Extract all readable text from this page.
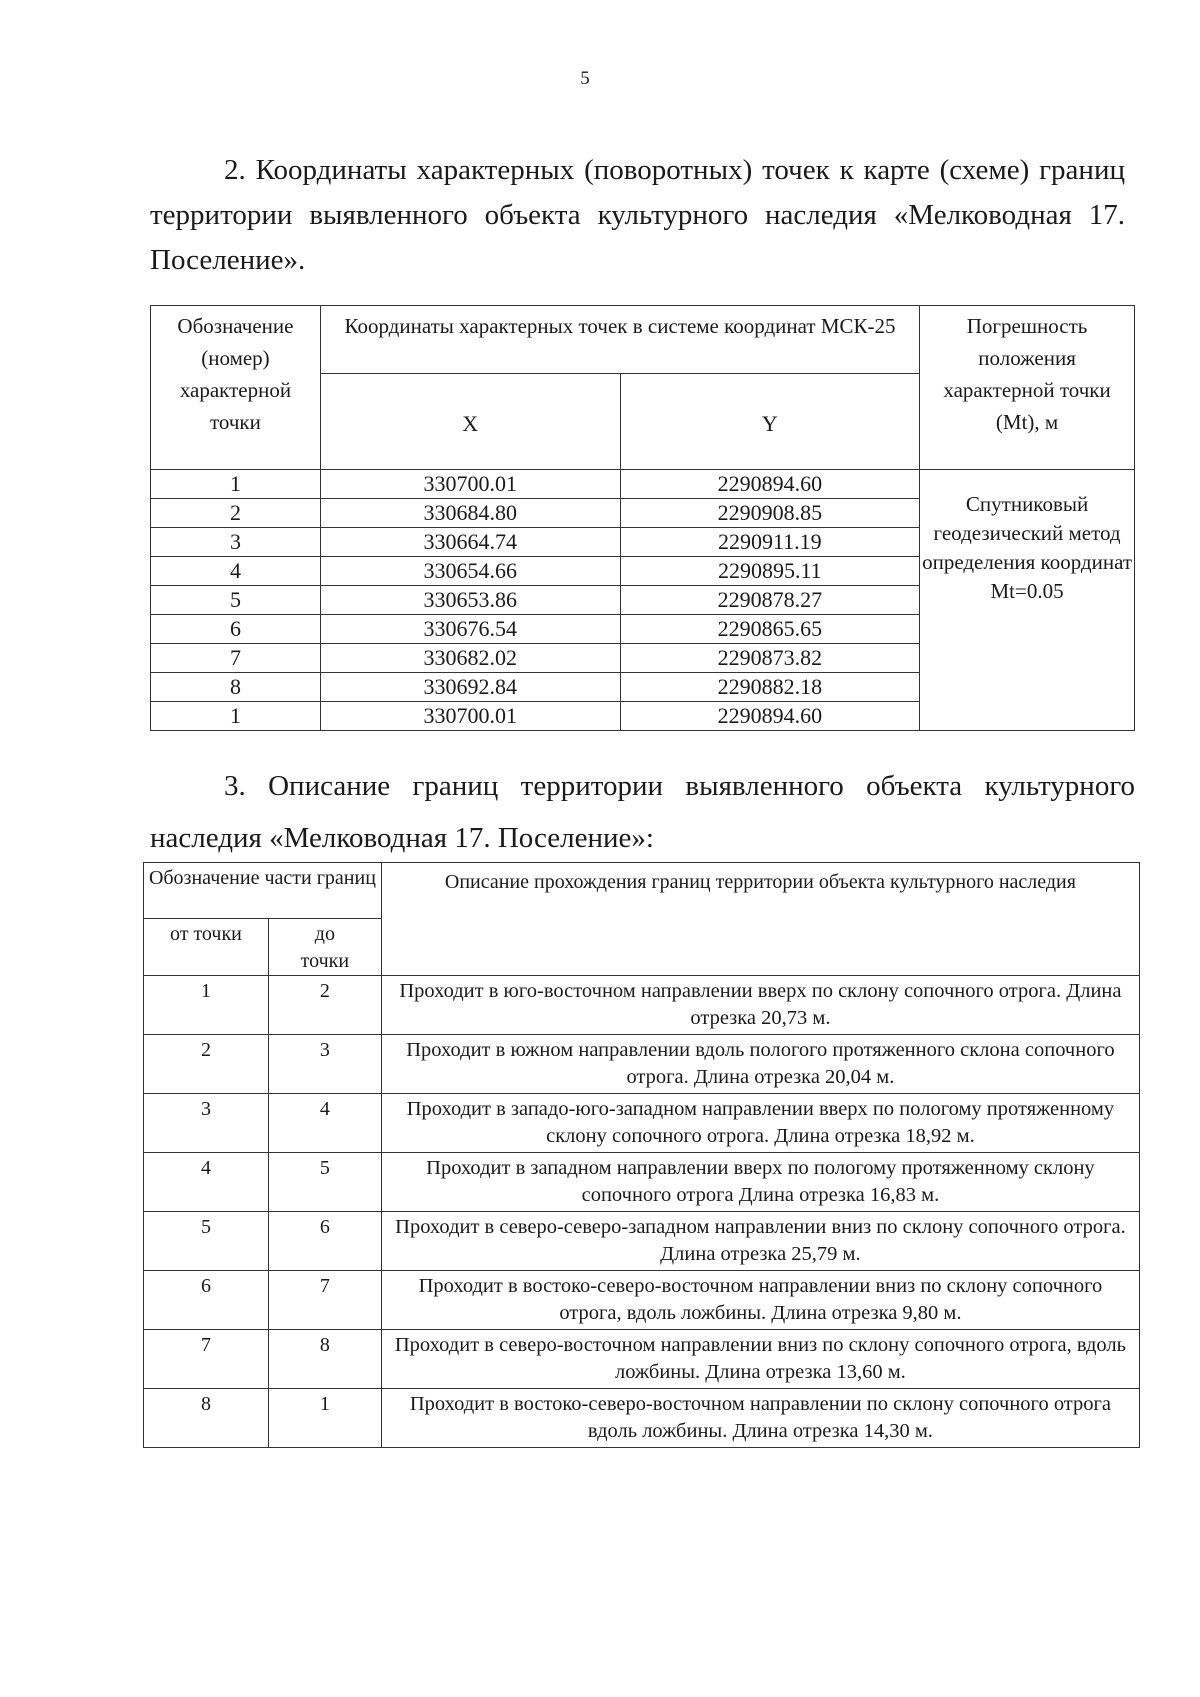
5
2. Координаты характерных (поворотных) точек к карте (схеме) границ территории выявленного объекта культурного наследия «Мелководная 17. Поселение».
Обозначение (номер) характерной точки	Координаты характерных точек в системе координат МСК-25		Погрешность положения характерной точки (Mt), м
	X	Y	
1	330700.01	2290894.60	Спутниковый геодезический метод определения координат Mt=0.05
2	330684.80	2290908.85	
3	330664.74	2290911.19	
4	330654.66	2290895.11	
5	330653.86	2290878.27	
6	330676.54	2290865.65	
7	330682.02	2290873.82	
8	330692.84	2290882.18	
1	330700.01	2290894.60	
3. Описание границ территории выявленного объекта культурного наследия «Мелководная 17. Поселение»:
Обозначение части границ		Описание прохождения границ территории объекта культурного наследия
от точки	до точки	
1	2	Проходит в юго-восточном направлении вверх по склону сопочного отрога. Длина отрезка 20,73 м.
2	3	Проходит в южном направлении вдоль пологого протяженного склона сопочного отрога. Длина отрезка 20,04 м.
3	4	Проходит в западо-юго-западном направлении вверх по пологому протяженному склону сопочного отрога. Длина отрезка 18,92 м.
4	5	Проходит в западном направлении вверх по пологому протяженному склону сопочного отрога Длина отрезка 16,83 м.
5	6	Проходит в северо-северо-западном направлении вниз по склону сопочного отрога. Длина отрезка 25,79 м.
6	7	Проходит в востоко-северо-восточном направлении вниз по склону сопочного отрога, вдоль ложбины. Длина отрезка 9,80 м.
7	8	Проходит в северо-восточном направлении вниз по склону сопочного отрога, вдоль ложбины. Длина отрезка 13,60 м.
8	1	Проходит в востоко-северо-восточном направлении по склону сопочного отрога вдоль ложбины. Длина отрезка 14,30 м.
